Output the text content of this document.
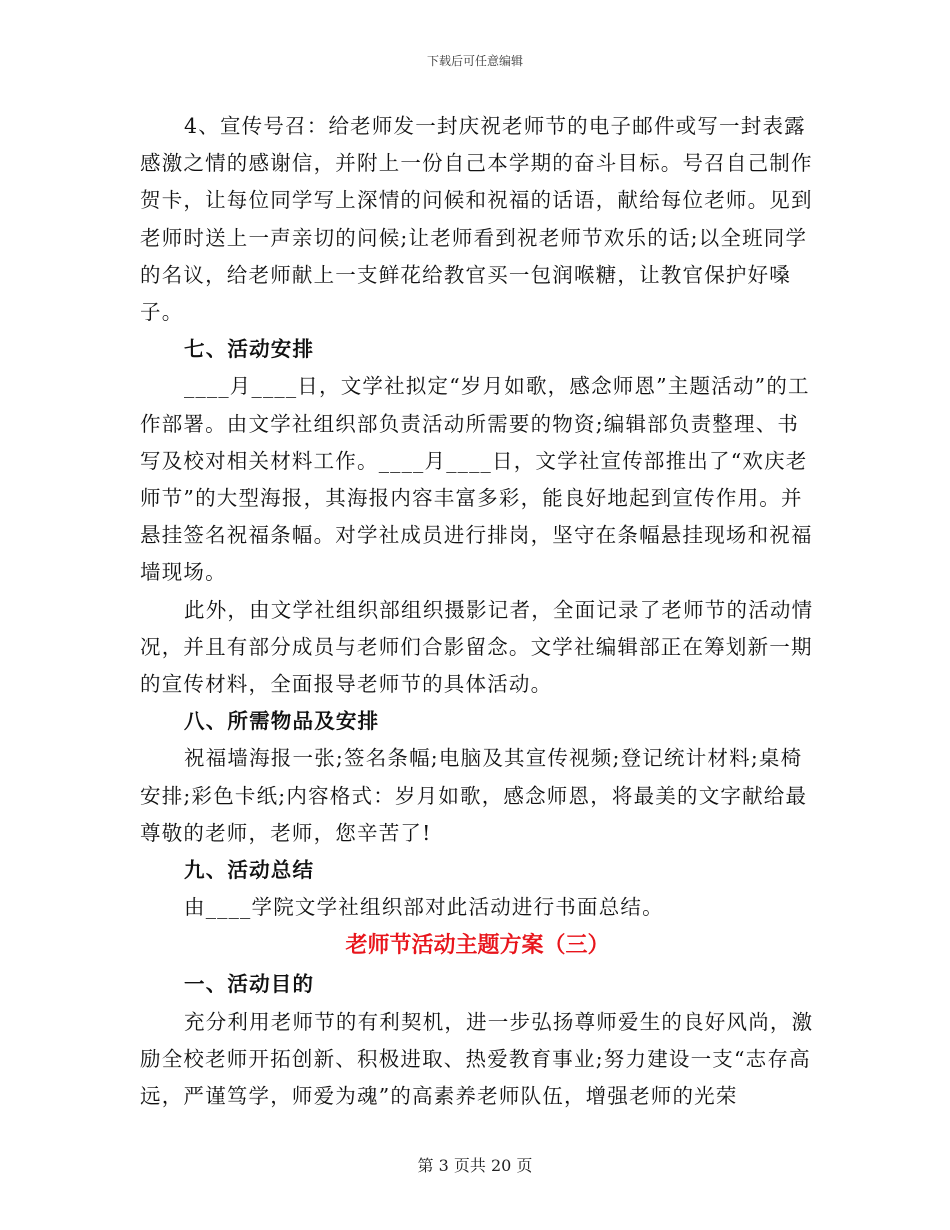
下载后可任意编辑

4、宣传号召：给老师发一封庆祝老师节的电子邮件或写一封表露感激之情的感谢信，并附上一份自己本学期的奋斗目标。号召自己制作贺卡，让每位同学写上深情的问候和祝福的话语，献给每位老师。见到老师时送上一声亲切的问候;让老师看到祝老师节欢乐的话;以全班同学的名议，给老师献上一支鲜花给教官买一包润喉糖，让教官保护好嗓子。

七、活动安排

____月____日，文学社拟定“岁月如歌，感念师恩”主题活动”的工作部署。由文学社组织部负责活动所需要的物资;编辑部负责整理、书写及校对相关材料工作。____月____日，文学社宣传部推出了“欢庆老师节”的大型海报，其海报内容丰富多彩，能良好地起到宣传作用。并悬挂签名祝福条幅。对学社成员进行排岗，坚守在条幅悬挂现场和祝福墙现场。

此外，由文学社组织部组织摄影记者，全面记录了老师节的活动情况，并且有部分成员与老师们合影留念。文学社编辑部正在筹划新一期的宣传材料，全面报导老师节的具体活动。

八、所需物品及安排

祝福墙海报一张;签名条幅;电脑及其宣传视频;登记统计材料;桌椅安排;彩色卡纸;内容格式：岁月如歌，感念师恩，将最美的文字献给最尊敬的老师，老师，您辛苦了!

九、活动总结

由____学院文学社组织部对此活动进行书面总结。

老师节活动主题方案（三）

一、活动目的

充分利用老师节的有利契机，进一步弘扬尊师爱生的良好风尚，激励全校老师开拓创新、积极进取、热爱教育事业;努力建设一支“志存高远，严谨笃学，师爱为魂”的高素养老师队伍，增强老师的光荣

第 3 页共 20 页
